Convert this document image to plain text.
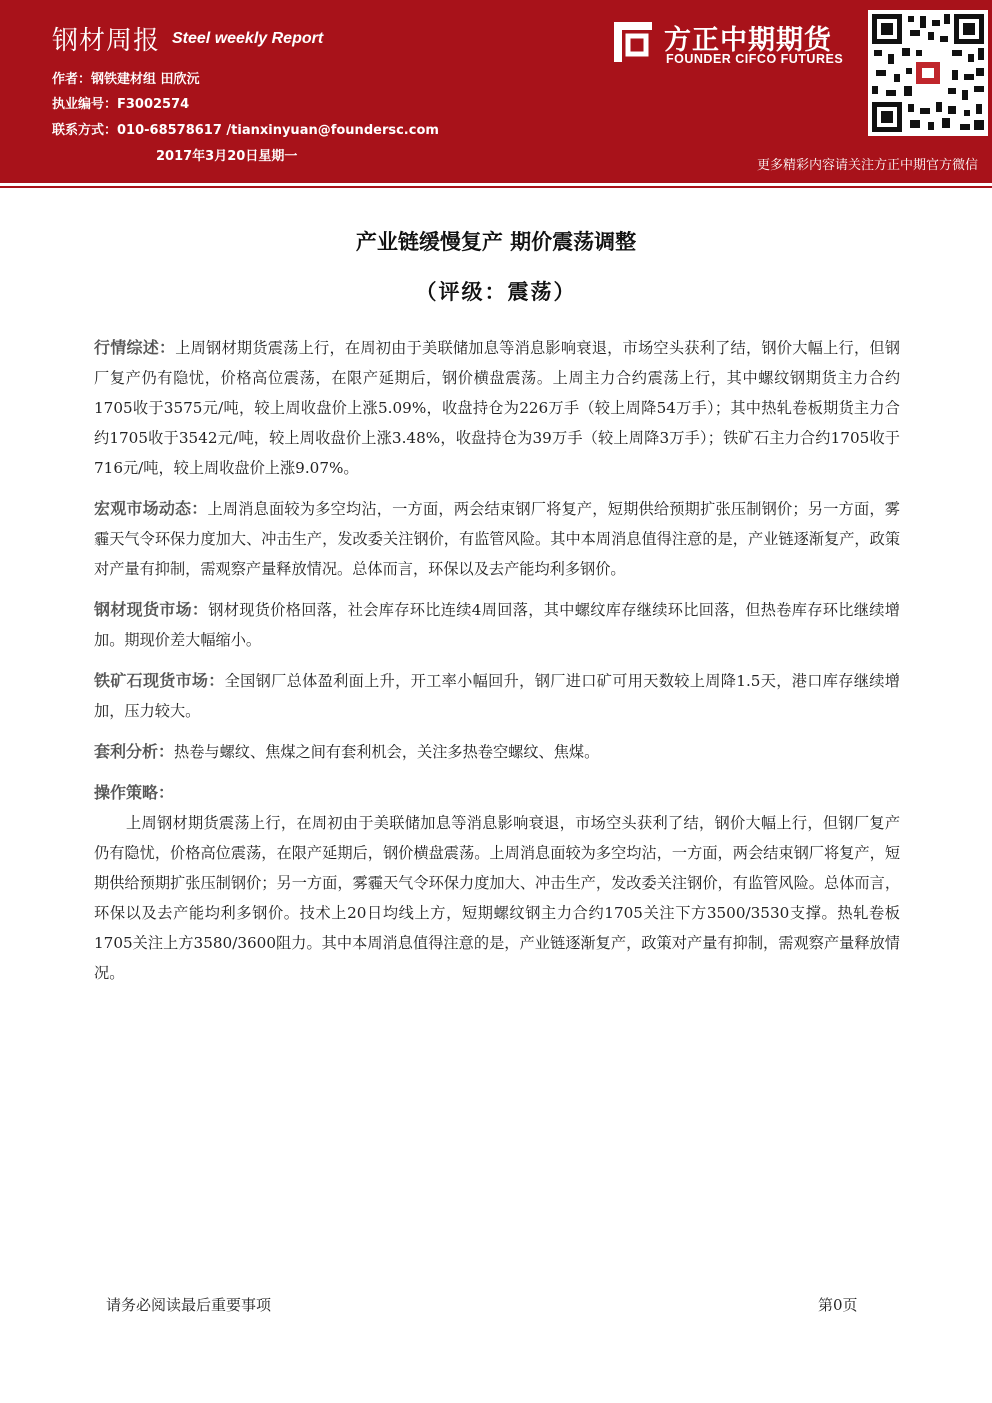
钢材周报 Steel weekly Report
作者：钢铁建材组 田欣沅
执业编号：F3002574
联系方式：010-68578617 /tianxinyuan@foundersc.com
2017年3月20日星期一
方正中期期货
FOUNDER CIFCO FUTURES
更多精彩内容请关注方正中期官方微信
产业链缓慢复产 期价震荡调整
（评级：震荡）

行情综述：上周钢材期货震荡上行，在周初由于美联储加息等消息影响衰退，市场空头获利了结，钢价大幅上行，但钢厂复产仍有隐忧，价格高位震荡，在限产延期后，钢价横盘震荡。上周主力合约震荡上行，其中螺纹钢期货主力合约1705收于3575元/吨，较上周收盘价上涨5.09%，收盘持仓为226万手（较上周降54万手）；其中热轧卷板期货主力合约1705收于3542元/吨，较上周收盘价上涨3.48%，收盘持仓为39万手（较上周降3万手）；铁矿石主力合约1705收于716元/吨，较上周收盘价上涨9.07%。

宏观市场动态：上周消息面较为多空均沾，一方面，两会结束钢厂将复产，短期供给预期扩张压制钢价；另一方面，雾霾天气令环保力度加大、冲击生产，发改委关注钢价，有监管风险。其中本周消息值得注意的是，产业链逐渐复产，政策对产量有抑制，需观察产量释放情况。总体而言，环保以及去产能均利多钢价。

钢材现货市场：钢材现货价格回落，社会库存环比连续4周回落，其中螺纹库存继续环比回落，但热卷库存环比继续增加。期现价差大幅缩小。

铁矿石现货市场：全国钢厂总体盈利面上升，开工率小幅回升，钢厂进口矿可用天数较上周降1.5天，港口库存继续增加，压力较大。

套利分析：热卷与螺纹、焦煤之间有套利机会，关注多热卷空螺纹、焦煤。

操作策略：

上周钢材期货震荡上行，在周初由于美联储加息等消息影响衰退，市场空头获利了结，钢价大幅上行，但钢厂复产仍有隐忧，价格高位震荡，在限产延期后，钢价横盘震荡。上周消息面较为多空均沾，一方面，两会结束钢厂将复产，短期供给预期扩张压制钢价；另一方面，雾霾天气令环保力度加大、冲击生产，发改委关注钢价，有监管风险。总体而言，环保以及去产能均利多钢价。技术上20日均线上方，短期螺纹钢主力合约1705关注下方3500/3530支撑。热轧卷板1705关注上方3580/3600阻力。其中本周消息值得注意的是，产业链逐渐复产，政策对产量有抑制，需观察产量释放情况。

请务必阅读最后重要事项	第0页
